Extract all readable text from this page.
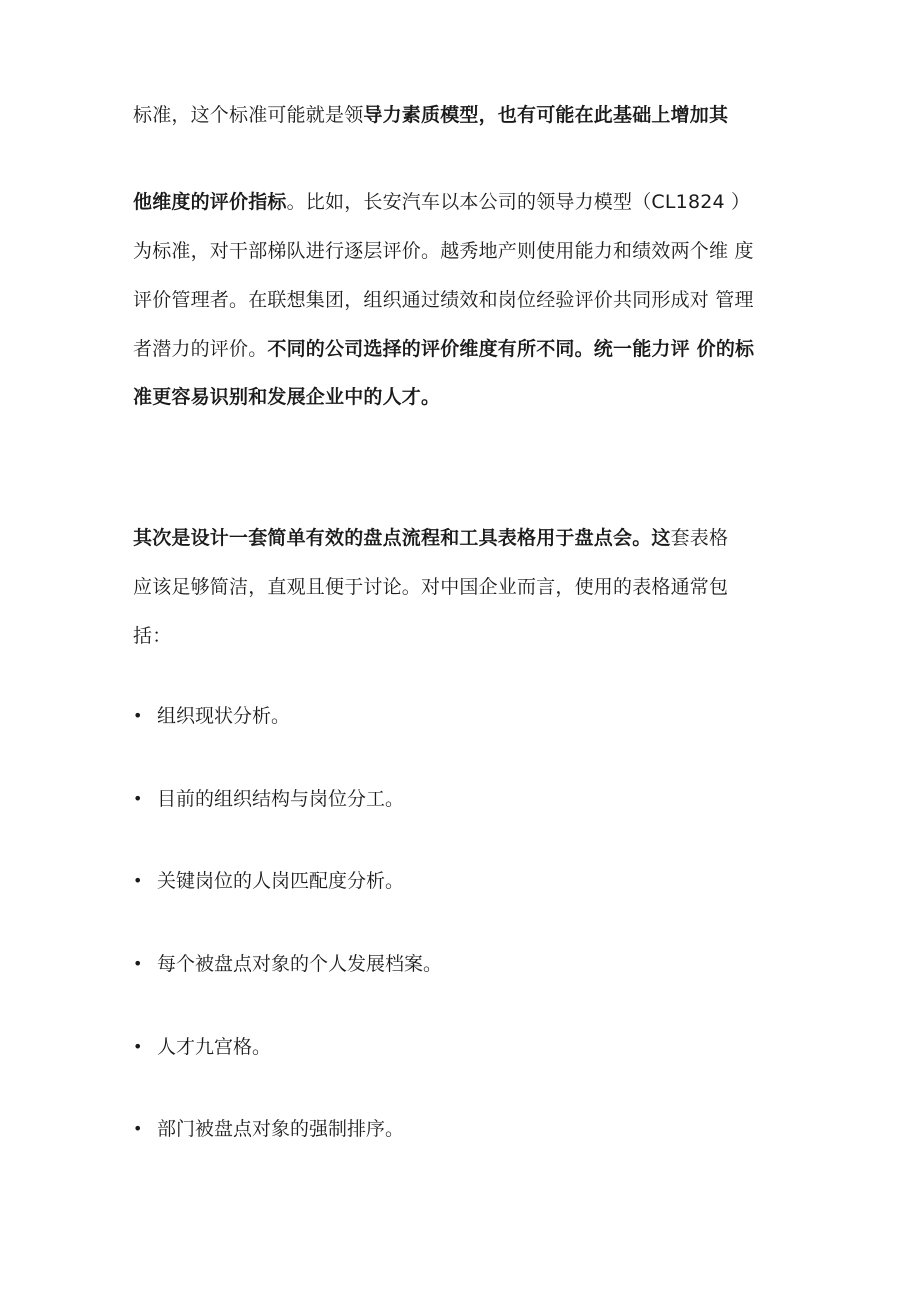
标准，这个标准可能就是领导力素质模型，也有可能在此基础上增加其
他维度的评价指标。比如，长安汽车以本公司的领导力模型（CL1824 ）
为标准，对干部梯队进行逐层评价。越秀地产则使用能力和绩效两个维 度
评价管理者。在联想集团，组织通过绩效和岗位经验评价共同形成对 管理
者潜力的评价。不同的公司选择的评价维度有所不同。统一能力评 价的标
准更容易识别和发展企业中的人才。
其次是设计一套简单有效的盘点流程和工具表格用于盘点会。这套表格
应该足够简洁，直观且便于讨论。对中国企业而言，使用的表格通常包
括：
• 组织现状分析。
• 目前的组织结构与岗位分工。
• 关键岗位的人岗匹配度分析。
• 每个被盘点对象的个人发展档案。
• 人才九宫格。
• 部门被盘点对象的强制排序。
